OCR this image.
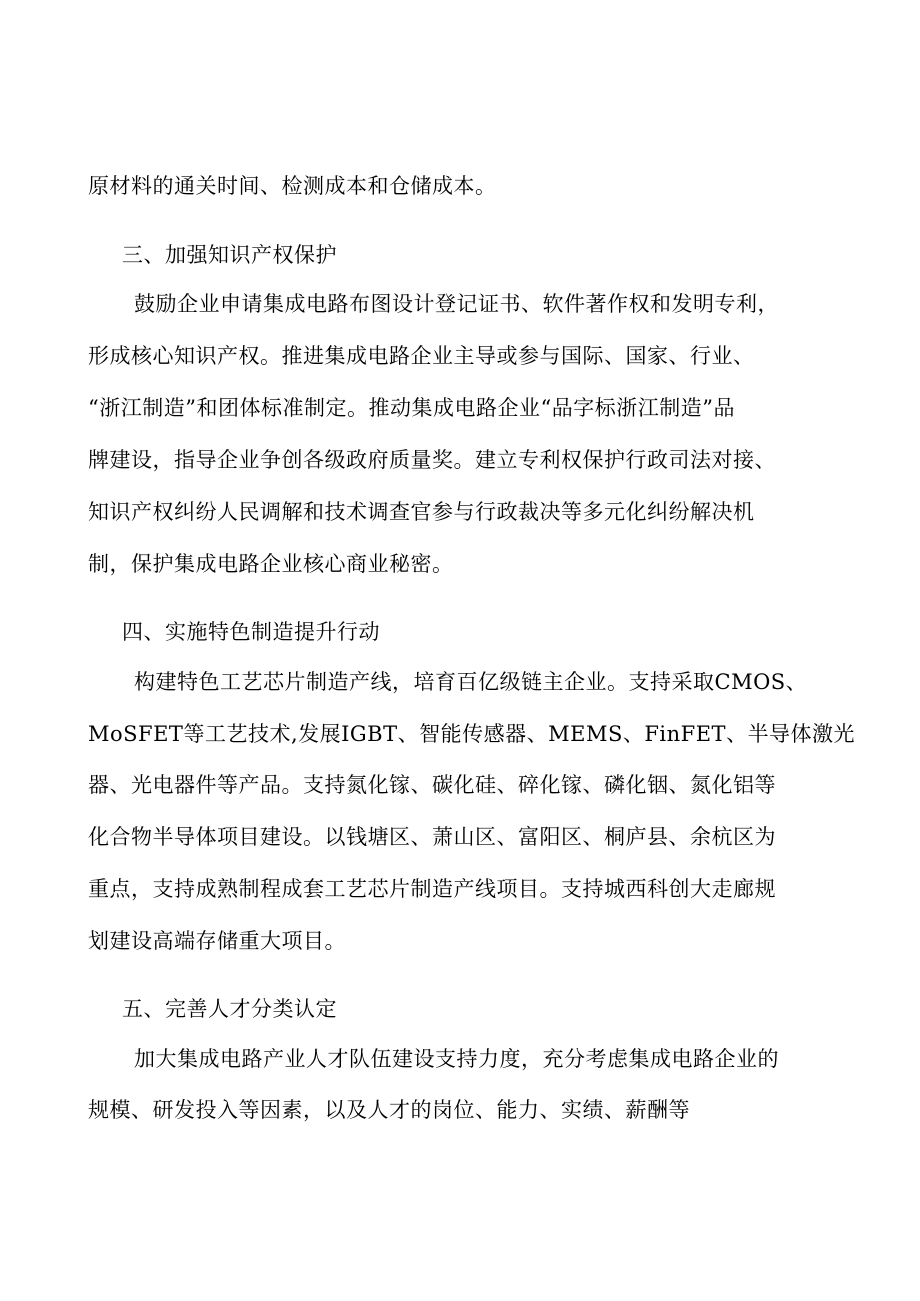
原材料的通关时间、检测成本和仓储成本。
三、加强知识产权保护
鼓励企业申请集成电路布图设计登记证书、软件著作权和发明专利，
形成核心知识产权。推进集成电路企业主导或参与国际、国家、行业、
“浙江制造”和团体标准制定。推动集成电路企业“品字标浙江制造”品
牌建设，指导企业争创各级政府质量奖。建立专利权保护行政司法对接、
知识产权纠纷人民调解和技术调查官参与行政裁决等多元化纠纷解决机
制，保护集成电路企业核心商业秘密。
四、实施特色制造提升行动
构建特色工艺芯片制造产线，培育百亿级链主企业。支持采取CMOS、
MoSFET等工艺技术,发展IGBT、智能传感器、MEMS、FinFET、半导体激光
器、光电器件等产品。支持氮化镓、碳化硅、碎化镓、磷化铟、氮化铝等
化合物半导体项目建设。以钱塘区、萧山区、富阳区、桐庐县、余杭区为
重点，支持成熟制程成套工艺芯片制造产线项目。支持城西科创大走廊规
划建设高端存储重大项目。
五、完善人才分类认定
加大集成电路产业人才队伍建设支持力度，充分考虑集成电路企业的
规模、研发投入等因素，以及人才的岗位、能力、实绩、薪酬等
